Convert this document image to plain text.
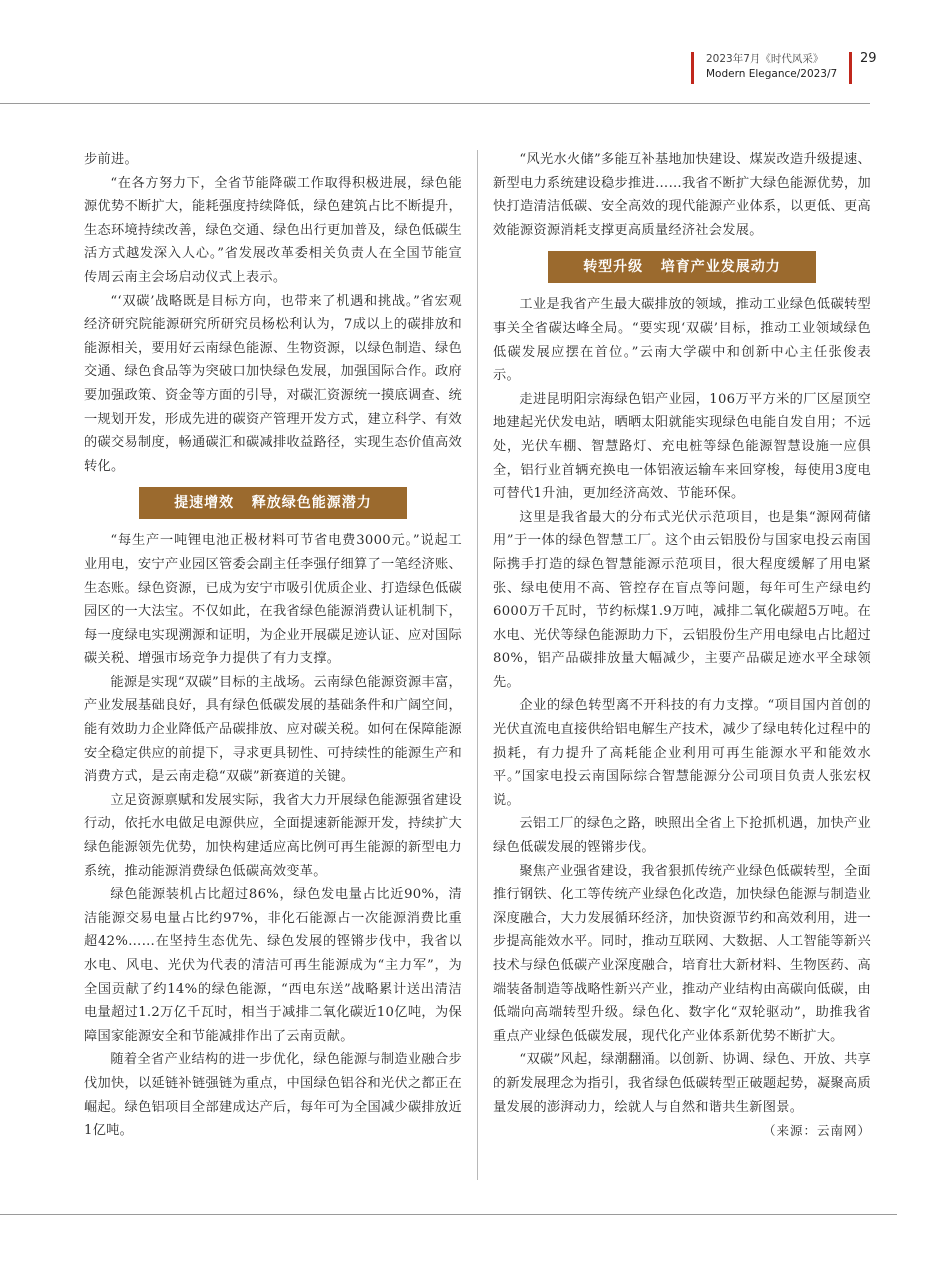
2023年7月《时代风采》
Modern Elegance/2023/7
29

步前进。

“在各方努力下，全省节能降碳工作取得积极进展，绿色能源优势不断扩大，能耗强度持续降低，绿色建筑占比不断提升，生态环境持续改善，绿色交通、绿色出行更加普及，绿色低碳生活方式越发深入人心。”省发展改革委相关负责人在全国节能宣传周云南主会场启动仪式上表示。

“‘双碳’战略既是目标方向，也带来了机遇和挑战。”省宏观经济研究院能源研究所研究员杨松利认为，7成以上的碳排放和能源相关，要用好云南绿色能源、生物资源，以绿色制造、绿色交通、绿色食品等为突破口加快绿色发展，加强国际合作。政府要加强政策、资金等方面的引导，对碳汇资源统一摸底调查、统一规划开发，形成先进的碳资产管理开发方式，建立科学、有效的碳交易制度，畅通碳汇和碳减排收益路径，实现生态价值高效转化。

提速增效   释放绿色能源潜力

“每生产一吨锂电池正极材料可节省电费3000元。”说起工业用电，安宁产业园区管委会副主任李强仔细算了一笔经济账、生态账。绿色资源，已成为安宁市吸引优质企业、打造绿色低碳园区的一大法宝。不仅如此，在我省绿色能源消费认证机制下，每一度绿电实现溯源和证明，为企业开展碳足迹认证、应对国际碳关税、增强市场竞争力提供了有力支撑。

能源是实现“双碳”目标的主战场。云南绿色能源资源丰富，产业发展基础良好，具有绿色低碳发展的基础条件和广阔空间，能有效助力企业降低产品碳排放、应对碳关税。如何在保障能源安全稳定供应的前提下，寻求更具韧性、可持续性的能源生产和消费方式，是云南走稳“双碳”新赛道的关键。

立足资源禀赋和发展实际，我省大力开展绿色能源强省建设行动，依托水电做足电源供应，全面提速新能源开发，持续扩大绿色能源领先优势，加快构建适应高比例可再生能源的新型电力系统，推动能源消费绿色低碳高效变革。

绿色能源装机占比超过86%，绿色发电量占比近90%，清洁能源交易电量占比约97%，非化石能源占一次能源消费比重超42%……在坚持生态优先、绿色发展的铿锵步伐中，我省以水电、风电、光伏为代表的清洁可再生能源成为“主力军”，为全国贡献了约14%的绿色能源，“西电东送”战略累计送出清洁电量超过1.2万亿千瓦时，相当于减排二氧化碳近10亿吨，为保障国家能源安全和节能减排作出了云南贡献。

随着全省产业结构的进一步优化，绿色能源与制造业融合步伐加快，以延链补链强链为重点，中国绿色铝谷和光伏之都正在崛起。绿色铝项目全部建成达产后，每年可为全国减少碳排放近1亿吨。

“风光水火储”多能互补基地加快建设、煤炭改造升级提速、新型电力系统建设稳步推进……我省不断扩大绿色能源优势，加快打造清洁低碳、安全高效的现代能源产业体系，以更低、更高效能源资源消耗支撑更高质量经济社会发展。

转型升级   培育产业发展动力

工业是我省产生最大碳排放的领域，推动工业绿色低碳转型事关全省碳达峰全局。“要实现‘双碳’目标，推动工业领域绿色低碳发展应摆在首位。”云南大学碳中和创新中心主任张俊表示。

走进昆明阳宗海绿色铝产业园，106万平方米的厂区屋顶空地建起光伏发电站，晒晒太阳就能实现绿色电能自发自用；不远处，光伏车棚、智慧路灯、充电桩等绿色能源智慧设施一应俱全，铝行业首辆充换电一体铝液运输车来回穿梭，每使用3度电可替代1升油，更加经济高效、节能环保。

这里是我省最大的分布式光伏示范项目，也是集“源网荷储用”于一体的绿色智慧工厂。这个由云铝股份与国家电投云南国际携手打造的绿色智慧能源示范项目，很大程度缓解了用电紧张、绿电使用不高、管控存在盲点等问题，每年可生产绿电约6000万千瓦时，节约标煤1.9万吨，减排二氧化碳超5万吨。在水电、光伏等绿色能源助力下，云铝股份生产用电绿电占比超过80%，铝产品碳排放量大幅减少，主要产品碳足迹水平全球领先。

企业的绿色转型离不开科技的有力支撑。“项目国内首创的光伏直流电直接供给铝电解生产技术，减少了绿电转化过程中的损耗，有力提升了高耗能企业利用可再生能源水平和能效水平。”国家电投云南国际综合智慧能源分公司项目负责人张宏权说。

云铝工厂的绿色之路，映照出全省上下抢抓机遇，加快产业绿色低碳发展的铿锵步伐。

聚焦产业强省建设，我省狠抓传统产业绿色低碳转型，全面推行钢铁、化工等传统产业绿色化改造，加快绿色能源与制造业深度融合，大力发展循环经济，加快资源节约和高效利用，进一步提高能效水平。同时，推动互联网、大数据、人工智能等新兴技术与绿色低碳产业深度融合，培育壮大新材料、生物医药、高端装备制造等战略性新兴产业，推动产业结构由高碳向低碳，由低端向高端转型升级。绿色化、数字化“双轮驱动”，助推我省重点产业绿色低碳发展，现代化产业体系新优势不断扩大。

“双碳”风起，绿潮翻涌。以创新、协调、绿色、开放、共享的新发展理念为指引，我省绿色低碳转型正破题起势，凝聚高质量发展的澎湃动力，绘就人与自然和谐共生新图景。

（来源：云南网）
